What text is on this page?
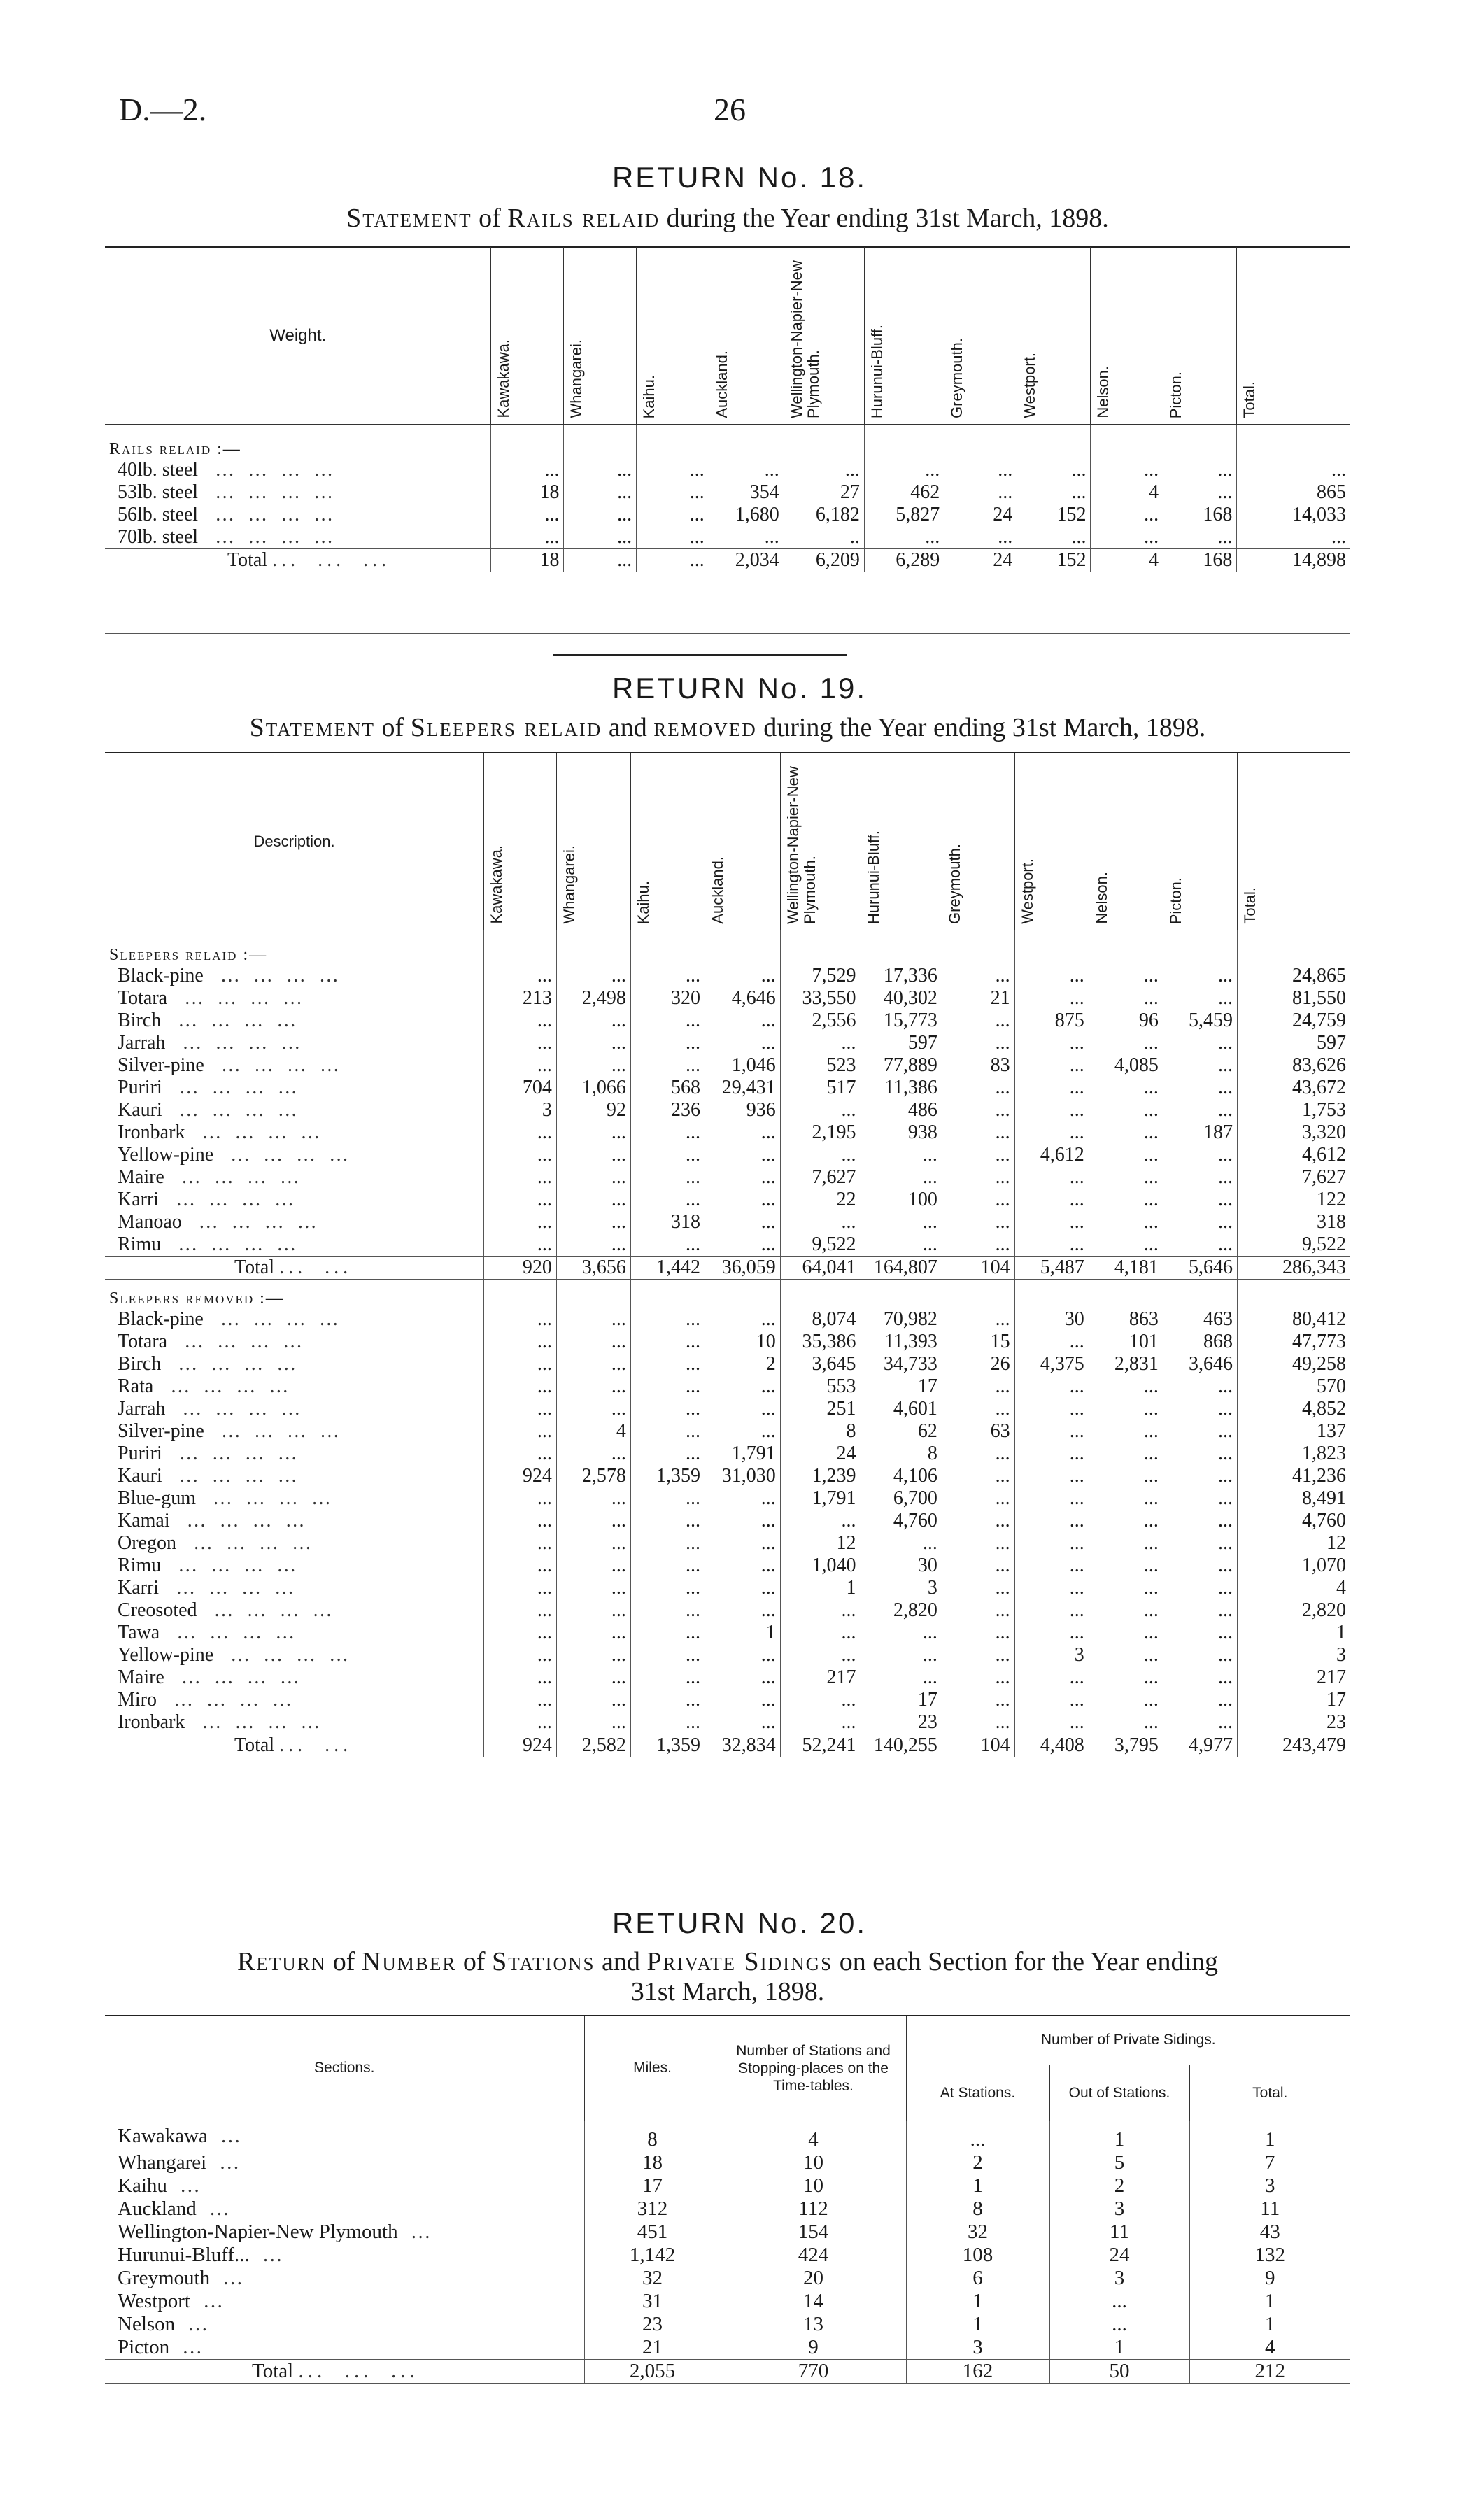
D.—2.	26
RETURN No. 18.
Statement of Rails relaid during the Year ending 31st March, 1898.
Weight.	Kawakawa.	Whangarei.	Kaihu.	Auckland.	Wellington-Napier-New Plymouth.	Hurunui-Bluff.	Greymouth.	Westport.	Nelson.	Picton.	Total.
Rails relaid :—											
40lb. steel … … … …	...	...	...	...	...	...	...	...	...	...	...
53lb. steel … … … …	18	...	...	354	27	462	...	...	4	...	865
56lb. steel … … … …	...	...	...	1,680	6,182	5,827	24	152	...	168	14,033
70lb. steel … … … …	...	...	...	...	..	...	...	...	...	...	...
Total ...  ...  ...	18	...	...	2,034	6,209	6,289	24	152	4	168	14,898
RETURN No. 19.
Statement of Sleepers relaid and removed during the Year ending 31st March, 1898.
Description.	Kawakawa.	Whangarei.	Kaihu.	Auckland.	Wellington-Napier-New Plymouth.	Hurunui-Bluff.	Greymouth.	Westport.	Nelson.	Picton.	Total.
Sleepers relaid :—											
Black-pine … … … …	...	...	...	...	7,529	17,336	...	...	...	...	24,865
Totara … … … …	213	2,498	320	4,646	33,550	40,302	21	...	...	...	81,550
Birch … … … …	...	...	...	...	2,556	15,773	...	875	96	5,459	24,759
Jarrah … … … …	...	...	...	...	...	597	...	...	...	...	597
Silver-pine … … … …	...	...	...	1,046	523	77,889	83	...	4,085	...	83,626
Puriri … … … …	704	1,066	568	29,431	517	11,386	...	...	...	...	43,672
Kauri … … … …	3	92	236	936	...	486	...	...	...	...	1,753
Ironbark … … … …	...	...	...	...	2,195	938	...	...	...	187	3,320
Yellow-pine … … … …	...	...	...	...	...	...	...	4,612	...	...	4,612
Maire … … … …	...	...	...	...	7,627	...	...	...	...	...	7,627
Karri … … … …	...	...	...	...	22	100	...	...	...	...	122
Manoao … … … …	...	...	318	...	...	...	...	...	...	...	318
Rimu … … … …	...	...	...	...	9,522	...	...	...	...	...	9,522
Total ...  ...	920	3,656	1,442	36,059	64,041	164,807	104	5,487	4,181	5,646	286,343
Sleepers removed :—											
Black-pine … … … …	...	...	...	...	8,074	70,982	...	30	863	463	80,412
Totara … … … …	...	...	...	10	35,386	11,393	15	...	101	868	47,773
Birch … … … …	...	...	...	2	3,645	34,733	26	4,375	2,831	3,646	49,258
Rata … … … …	...	...	...	...	553	17	...	...	...	...	570
Jarrah … … … …	...	...	...	...	251	4,601	...	...	...	...	4,852
Silver-pine … … … …	...	4	...	...	8	62	63	...	...	...	137
Puriri … … … …	...	...	...	1,791	24	8	...	...	...	...	1,823
Kauri … … … …	924	2,578	1,359	31,030	1,239	4,106	...	...	...	...	41,236
Blue-gum … … … …	...	...	...	...	1,791	6,700	...	...	...	...	8,491
Kamai … … … …	...	...	...	...	...	4,760	...	...	...	...	4,760
Oregon … … … …	...	...	...	...	12	...	...	...	...	...	12
Rimu … … … …	...	...	...	...	1,040	30	...	...	...	...	1,070
Karri … … … …	...	...	...	...	1	3	...	...	...	...	4
Creosoted … … … …	...	...	...	...	...	2,820	...	...	...	...	2,820
Tawa … … … …	...	...	...	1	...	...	...	...	...	...	1
Yellow-pine … … … …	...	...	...	...	...	...	...	3	...	...	3
Maire … … … …	...	...	...	...	217	...	...	...	...	...	217
Miro … … … …	...	...	...	...	...	17	...	...	...	...	17
Ironbark … … … …	...	...	...	...	...	23	...	...	...	...	23
Total ...  ...	924	2,582	1,359	32,834	52,241	140,255	104	4,408	3,795	4,977	243,479
RETURN No. 20.
Return of Number of Stations and Private Sidings on each Section for the Year ending
31st March, 1898.
Sections.	Miles.	Number of Stations and Stopping-places on the Time-tables.	Number of Private Sidings.		
			At Stations.	Out of Stations.	Total.
Kawakawa …	8	4	...	1	1
Whangarei …	18	10	2	5	7
Kaihu …	17	10	1	2	3
Auckland …	312	112	8	3	11
Wellington-Napier-New Plymouth …	451	154	32	11	43
Hurunui-Bluff... …	1,142	424	108	24	132
Greymouth …	32	20	6	3	9
Westport …	31	14	1	...	1
Nelson …	23	13	1	...	1
Picton …	21	9	3	1	4
Total ...  ...  ...	2,055	770	162	50	212
